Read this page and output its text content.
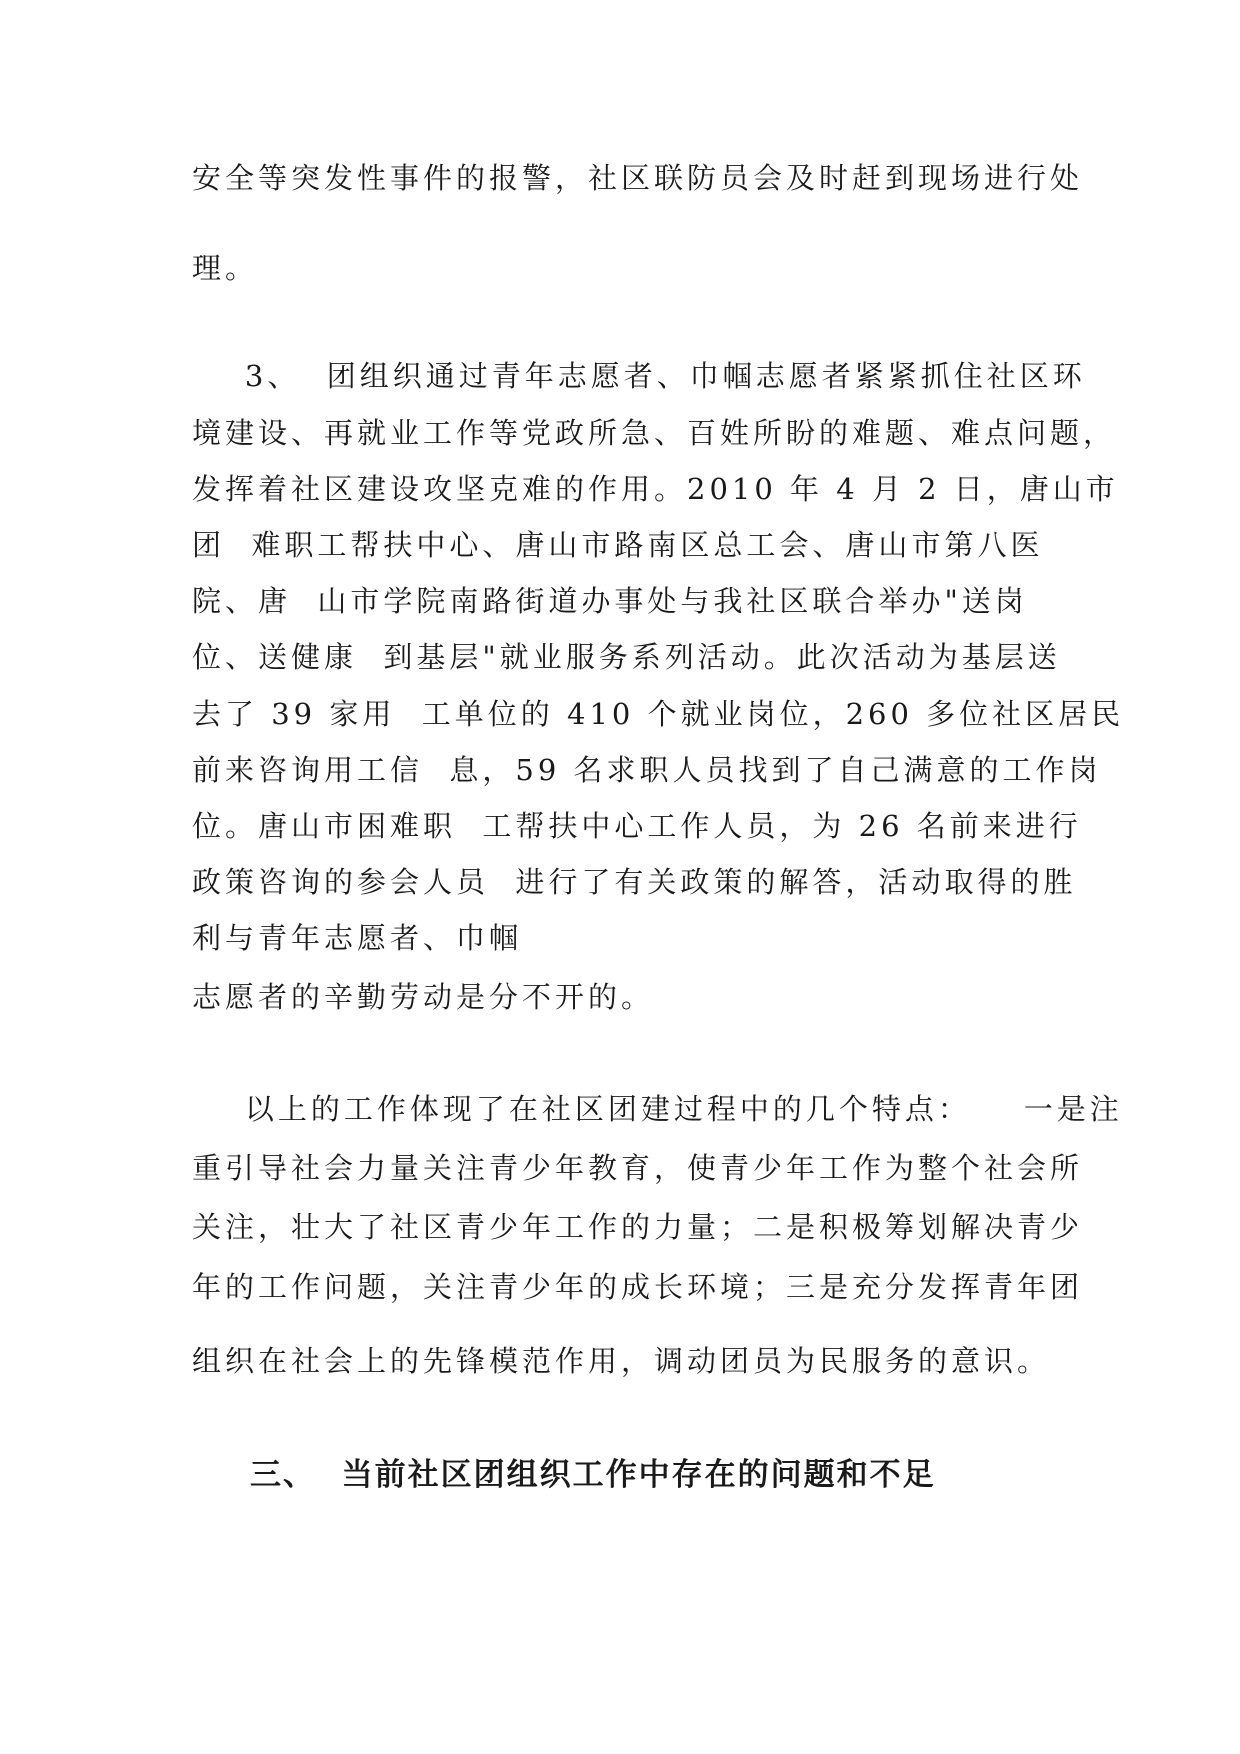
安全等突发性事件的报警，社区联防员会及时赶到现场进行处
理。
3、  团组织通过青年志愿者、巾帼志愿者紧紧抓住社区环
境建设、再就业工作等党政所急、百姓所盼的难题、难点问题，
发挥着社区建设攻坚克难的作用。2010 年 4 月 2 日，唐山市
团  难职工帮扶中心、唐山市路南区总工会、唐山市第八医
院、唐  山市学院南路街道办事处与我社区联合举办"送岗
位、送健康  到基层"就业服务系列活动。此次活动为基层送
去了 39 家用  工单位的 410 个就业岗位，260 多位社区居民
前来咨询用工信  息，59 名求职人员找到了自己满意的工作岗
位。唐山市困难职  工帮扶中心工作人员，为 26 名前来进行
政策咨询的参会人员  进行了有关政策的解答，活动取得的胜
利与青年志愿者、巾帼
志愿者的辛勤劳动是分不开的。
以上的工作体现了在社区团建过程中的几个特点：    一是注
重引导社会力量关注青少年教育，使青少年工作为整个社会所
关注，壮大了社区青少年工作的力量；二是积极筹划解决青少
年的工作问题，关注青少年的成长环境；三是充分发挥青年团
组织在社会上的先锋模范作用，调动团员为民服务的意识。
三、  当前社区团组织工作中存在的问题和不足
